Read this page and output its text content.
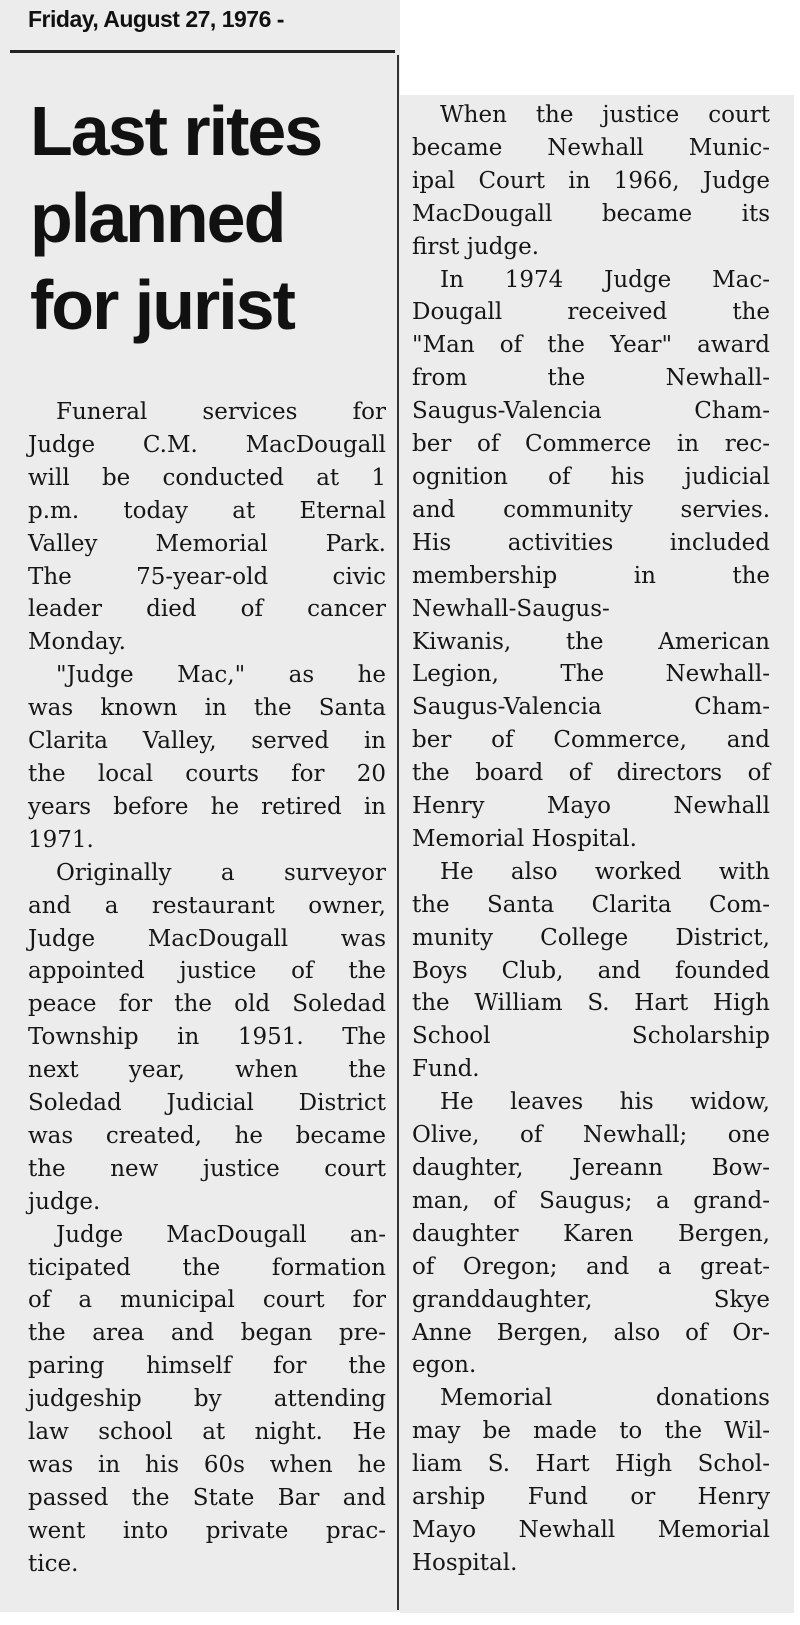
Friday, August 27, 1976 -
Last rites
planned
for jurist

Funeral services for
Judge C.M. MacDougall
will be conducted at 1
p.m. today at Eternal
Valley Memorial Park.
The 75-year-old civic
leader died of cancer
Monday.

"Judge Mac," as he
was known in the Santa
Clarita Valley, served in
the local courts for 20
years before he retired in
1971.

Originally a surveyor
and a restaurant owner,
Judge MacDougall was
appointed justice of the
peace for the old Soledad
Township in 1951. The
next year, when the
Soledad Judicial District
was created, he became
the new justice court
judge.

Judge MacDougall an-
ticipated the formation
of a municipal court for
the area and began pre-
paring himself for the
judgeship by attending
law school at night. He
was in his 60s when he
passed the State Bar and
went into private prac-
tice.

When the justice court
became Newhall Munic-
ipal Court in 1966, Judge
MacDougall became its
first judge.

In 1974 Judge Mac-
Dougall received the
"Man of the Year" award
from the Newhall-
Saugus-Valencia Cham-
ber of Commerce in rec-
ognition of his judicial
and community servies.
His activities included
membership in the
Newhall-Saugus-
Kiwanis, the American
Legion, The Newhall-
Saugus-Valencia Cham-
ber of Commerce, and
the board of directors of
Henry Mayo Newhall
Memorial Hospital.

He also worked with
the Santa Clarita Com-
munity College District,
Boys Club, and founded
the William S. Hart High
School Scholarship
Fund.

He leaves his widow,
Olive, of Newhall; one
daughter, Jereann Bow-
man, of Saugus; a grand-
daughter Karen Bergen,
of Oregon; and a great-
granddaughter, Skye
Anne Bergen, also of Or-
egon.

Memorial donations
may be made to the Wil-
liam S. Hart High Schol-
arship Fund or Henry
Mayo Newhall Memorial
Hospital.
